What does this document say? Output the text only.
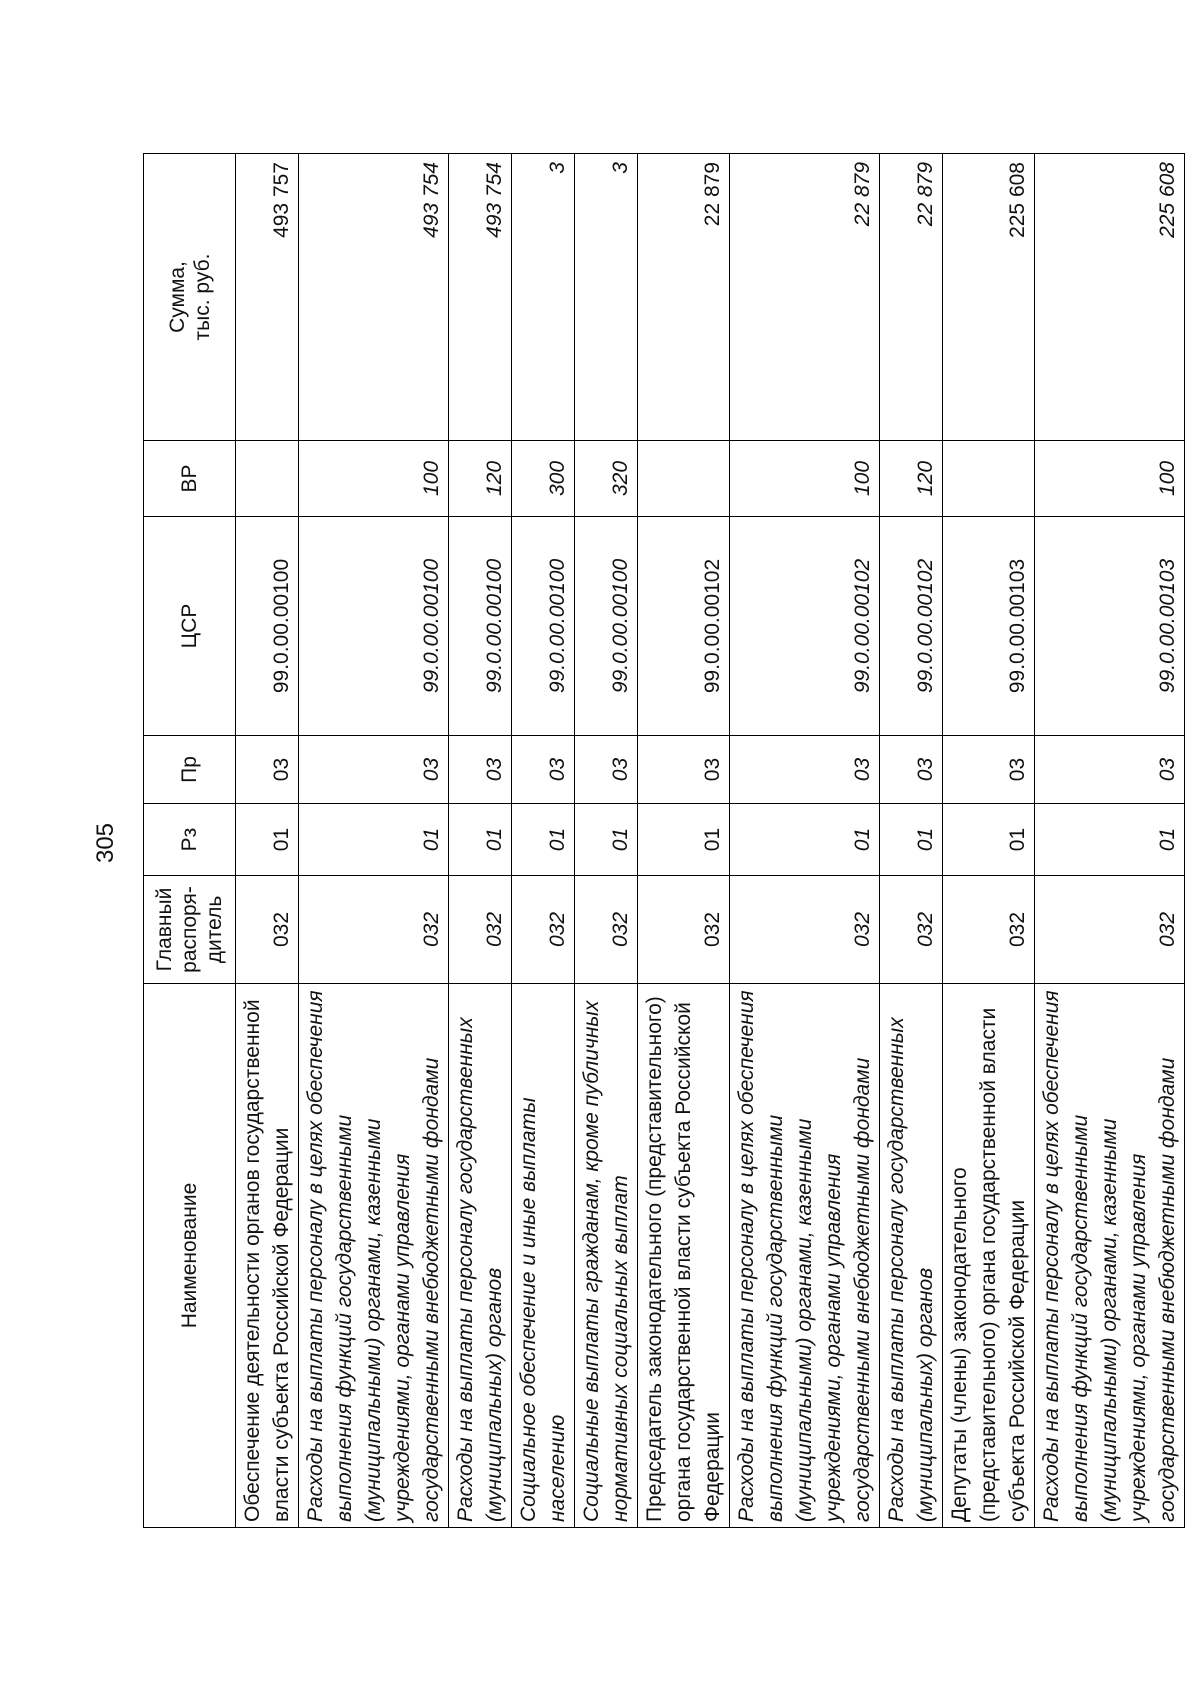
305
Наименование	Главный
распоря-
дитель	Рз	Пр	ЦСР	ВР	Сумма,
тыс. руб.
Обеспечение деятельности органов государственной власти субъекта Российской Федерации	032	01	03	99.0.00.00100		493 757
Расходы на выплаты персоналу в целях обеспечения выполнения функций государственными (муниципальными) органами, казенными учреждениями, органами управления государственными внебюджетными фондами	032	01	03	99.0.00.00100	100	493 754
Расходы на выплаты персоналу государственных (муниципальных) органов	032	01	03	99.0.00.00100	120	493 754
Социальное обеспечение и иные выплаты населению	032	01	03	99.0.00.00100	300	3
Социальные выплаты гражданам, кроме публичных нормативных социальных выплат	032	01	03	99.0.00.00100	320	3
Председатель законодательного (представительного) органа государственной власти субъекта Российской Федерации	032	01	03	99.0.00.00102		22 879
Расходы на выплаты персоналу в целях обеспечения выполнения функций государственными (муниципальными) органами, казенными учреждениями, органами управления государственными внебюджетными фондами	032	01	03	99.0.00.00102	100	22 879
Расходы на выплаты персоналу государственных (муниципальных) органов	032	01	03	99.0.00.00102	120	22 879
Депутаты (члены) законодательного (представительного) органа государственной власти субъекта Российской Федерации	032	01	03	99.0.00.00103		225 608
Расходы на выплаты персоналу в целях обеспечения выполнения функций государственными (муниципальными) органами, казенными учреждениями, органами управления государственными внебюджетными фондами	032	01	03	99.0.00.00103	100	225 608
